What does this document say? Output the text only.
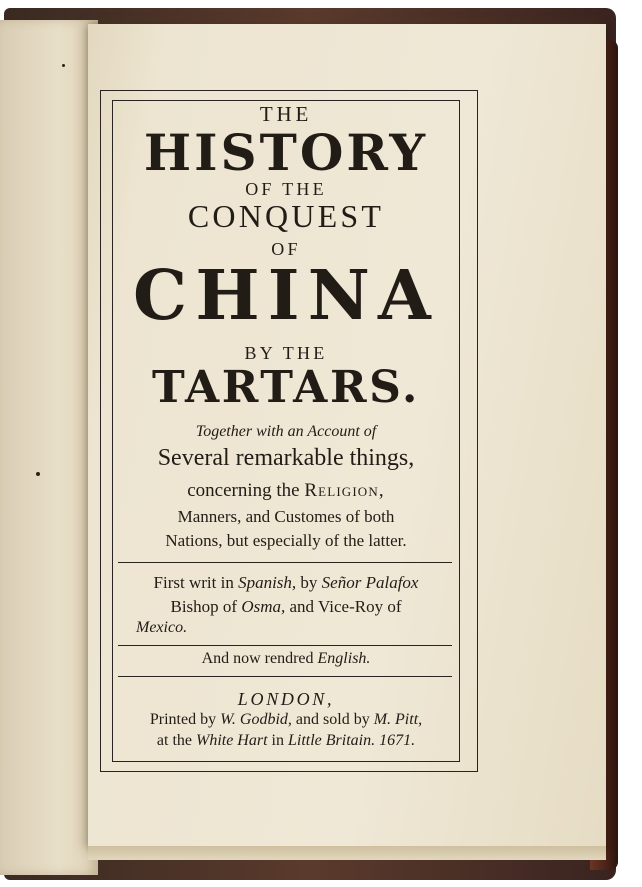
THE
HISTORY
OF THE
CONQUEST
OF
CHINA
BY THE
TARTARS.
Together with an Account of
Several remarkable things,
concerning the Religion,
Manners, and Customes of both
Nations, but especially of the latter.
First writ in Spanish, by Señor Palafox
Bishop of Osma, and Vice-Roy of
Mexico.
And now rendred English.
LONDON,
Printed by W. Godbid, and sold by M. Pitt,
at the White Hart in Little Britain. 1671.
